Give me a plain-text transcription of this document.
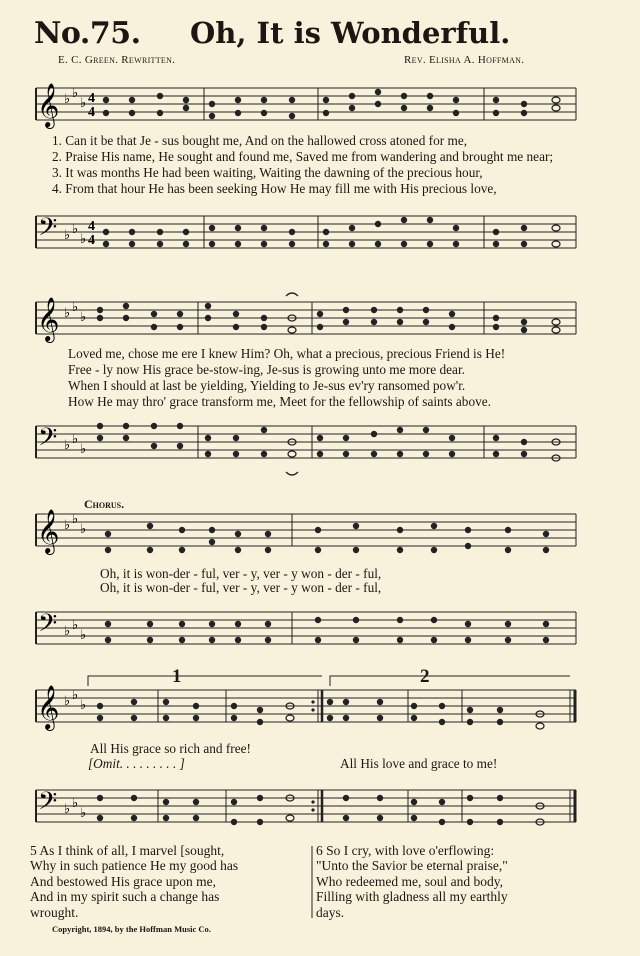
No.75. Oh, It is Wonderful.
E. C. Green. Rewritten.	Rev. Elisha A. Hoffman.
𝄞 ♭ ♭
♭ 4
4
𝄢 ♭ ♭
♭
4
4
1. Can it be that Je - sus bought me, And on the hallowed cross atoned for me,
2. Praise His name, He sought and found me, Saved me from wandering and brought me near;
3. It was months He had been waiting, Waiting the dawning of the precious hour,
4. From that hour He has been seeking How He may fill me with His precious love,
𝄞 ♭ ♭
♭
𝄢 ♭ ♭
♭
Loved me, chose me ere I knew Him? Oh, what a precious, precious Friend is He!
Free - ly now His grace be-stow-ing, Je-sus is growing unto me more dear.
When I should at last be yielding, Yielding to Je-sus ev'ry ransomed pow'r.
How He may thro' grace transform me, Meet for the fellowship of saints above.
Chorus.
𝄞 ♭ ♭
♭
Oh, it is won-der - ful, ver - y, ver - y won - der - ful,
Oh, it is won-der - ful, ver - y, ver - y won - der - ful,
𝄢 ♭ ♭
♭
𝄞 ♭ ♭
♭
1	2
All His grace so rich and free!
[Omit. . . . . . . . . ]	All His love and grace to me!
𝄢 ♭ ♭
♭
5 As I think of all, I marvel [sought,
Why in such patience He my good has
And bestowed His grace upon me,
And in my spirit such a change has
wrought.
6 So I cry, with love o'erflowing:
"Unto the Savior be eternal praise,"
Who redeemed me, soul and body,
Filling with gladness all my earthly
days.
Copyright, 1894, by the Hoffman Music Co.
